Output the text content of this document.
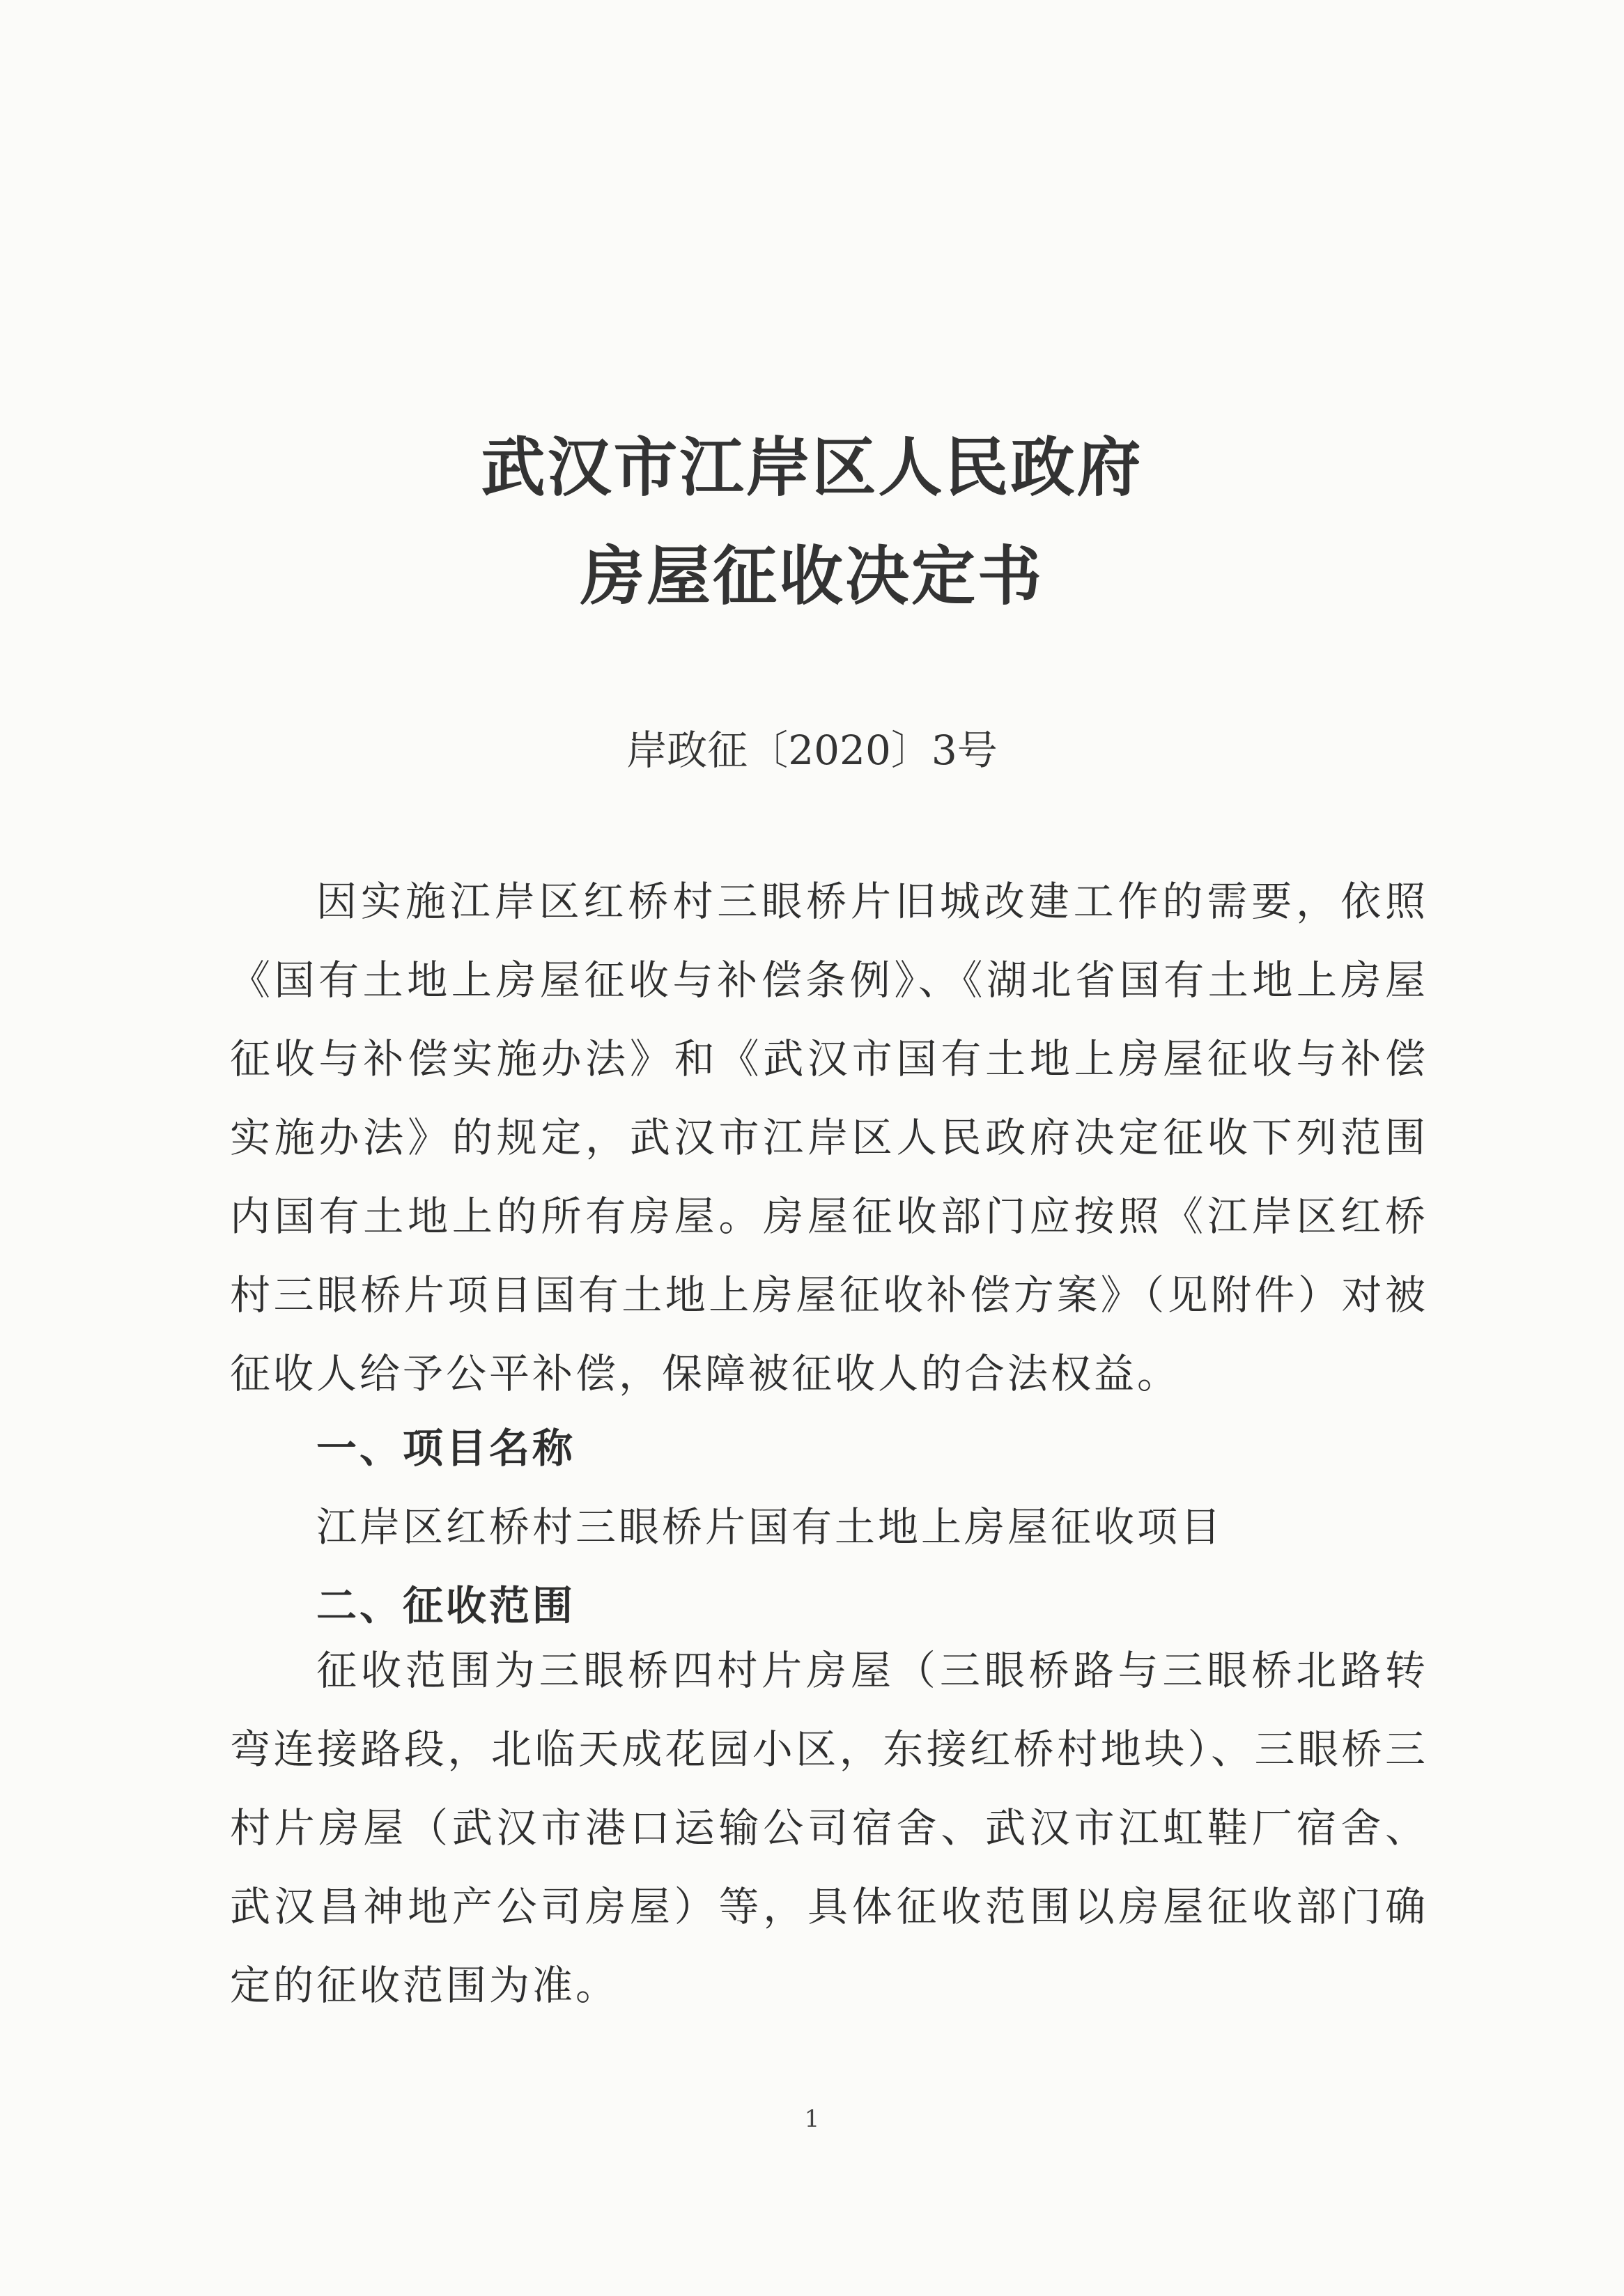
武汉市江岸区人民政府
房屋征收决定书
岸政征〔2020〕3号
因实施江岸区红桥村三眼桥片旧城改建工作的需要，依照《国有土地上房屋征收与补偿条例》、《湖北省国有土地上房屋征收与补偿实施办法》和《武汉市国有土地上房屋征收与补偿实施办法》的规定，武汉市江岸区人民政府决定征收下列范围内国有土地上的所有房屋。房屋征收部门应按照《江岸区红桥村三眼桥片项目国有土地上房屋征收补偿方案》（见附件）对被征收人给予公平补偿，保障被征收人的合法权益。
一、项目名称
江岸区红桥村三眼桥片国有土地上房屋征收项目
二、征收范围
征收范围为三眼桥四村片房屋（三眼桥路与三眼桥北路转弯连接路段，北临天成花园小区，东接红桥村地块）、三眼桥三村片房屋（武汉市港口运输公司宿舍、武汉市江虹鞋厂宿舍、武汉昌神地产公司房屋）等，具体征收范围以房屋征收部门确定的征收范围为准。
1
